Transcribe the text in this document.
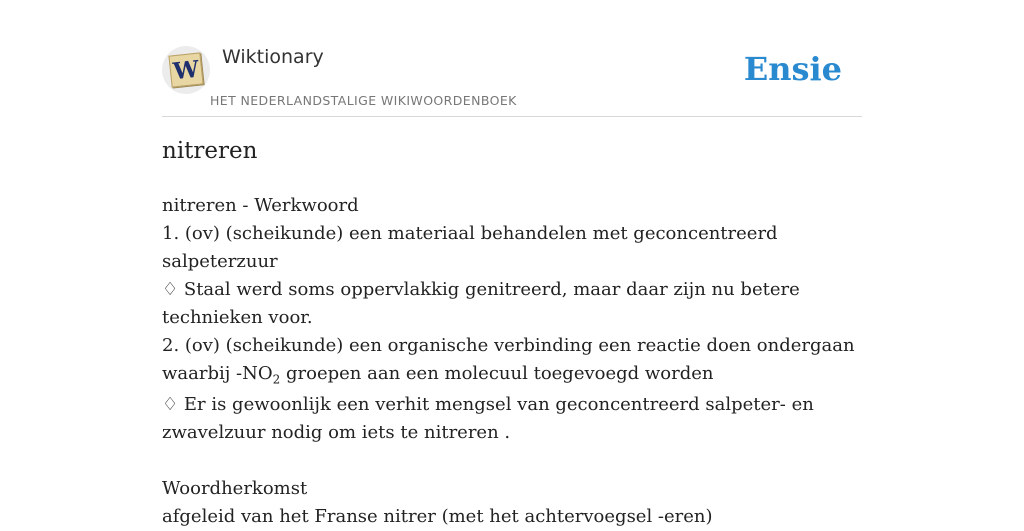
W Wiktionary
HET NEDERLANDSTALIGE WIKIWOORDENBOEK
Ensie
nitreren

nitreren - Werkwoord

1. (ov) (scheikunde) een materiaal behandelen met geconcentreerd salpeterzuur

♢ Staal werd soms oppervlakkig genitreerd, maar daar zijn nu betere technieken voor.

2. (ov) (scheikunde) een organische verbinding een reactie doen ondergaan waarbij $-NO_2$ groepen aan een molecuul toegevoegd worden

♢ Er is gewoonlijk een verhit mengsel van geconcentreerd salpeter- en zwavelzuur nodig om iets te nitreren .

Woordherkomst

afgeleid van het Franse nitrer (met het achtervoegsel -eren)
